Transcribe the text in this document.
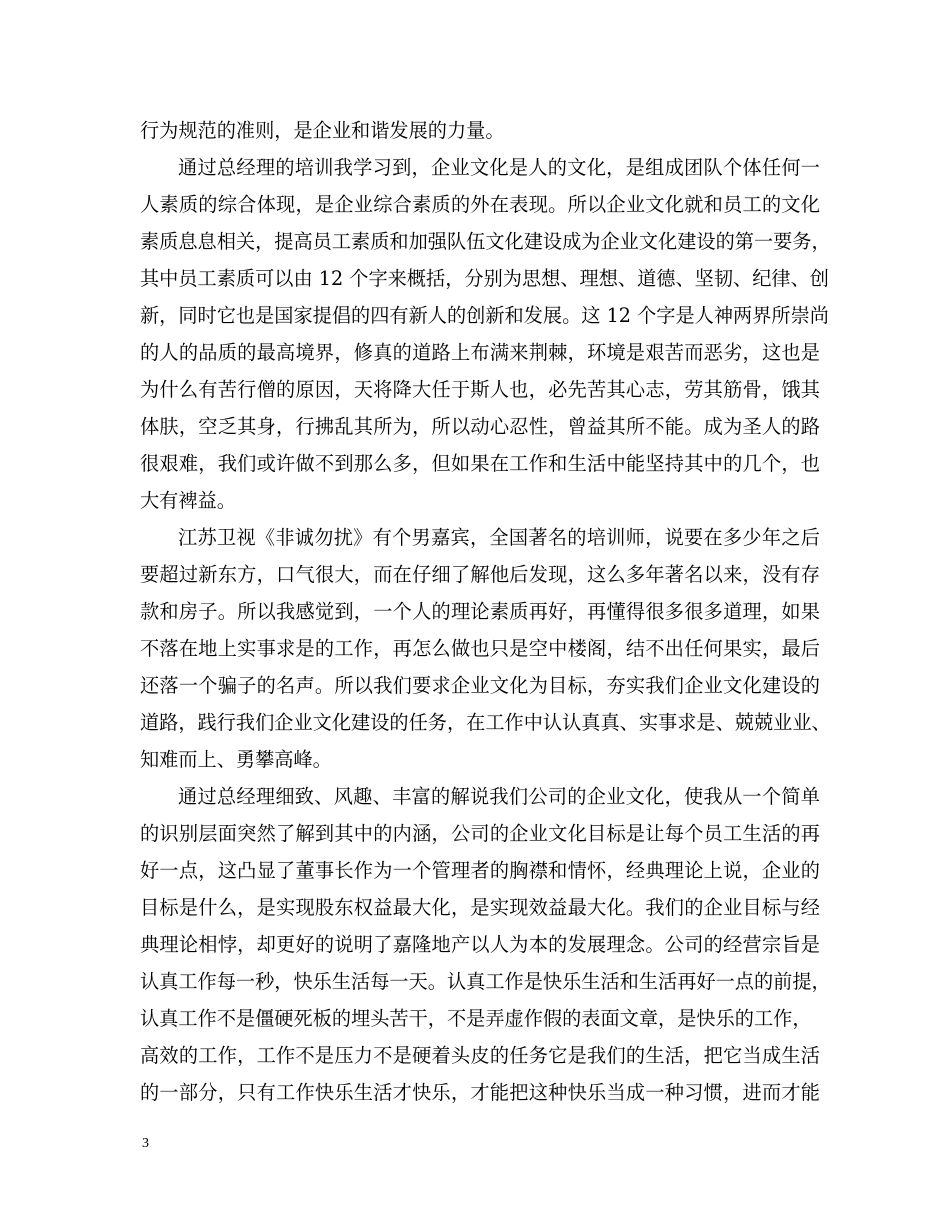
行为规范的准则，是企业和谐发展的力量。
通过总经理的培训我学习到，企业文化是人的文化，是组成团队个体任何一
人素质的综合体现，是企业综合素质的外在表现。所以企业文化就和员工的文化
素质息息相关，提高员工素质和加强队伍文化建设成为企业文化建设的第一要务，
其中员工素质可以由 12 个字来概括，分别为思想、理想、道德、坚韧、纪律、创
新，同时它也是国家提倡的四有新人的创新和发展。这 12 个字是人神两界所崇尚
的人的品质的最高境界，修真的道路上布满来荆棘，环境是艰苦而恶劣，这也是
为什么有苦行僧的原因，天将降大任于斯人也，必先苦其心志，劳其筋骨，饿其
体肤，空乏其身，行拂乱其所为，所以动心忍性，曾益其所不能。成为圣人的路
很艰难，我们或许做不到那么多，但如果在工作和生活中能坚持其中的几个，也
大有裨益。
江苏卫视《非诚勿扰》有个男嘉宾，全国著名的培训师，说要在多少年之后
要超过新东方，口气很大，而在仔细了解他后发现，这么多年著名以来，没有存
款和房子。所以我感觉到，一个人的理论素质再好，再懂得很多很多道理，如果
不落在地上实事求是的工作，再怎么做也只是空中楼阁，结不出任何果实，最后
还落一个骗子的名声。所以我们要求企业文化为目标，夯实我们企业文化建设的
道路，践行我们企业文化建设的任务，在工作中认认真真、实事求是、兢兢业业、
知难而上、勇攀高峰。
通过总经理细致、风趣、丰富的解说我们公司的企业文化，使我从一个简单
的识别层面突然了解到其中的内涵，公司的企业文化目标是让每个员工生活的再
好一点，这凸显了董事长作为一个管理者的胸襟和情怀，经典理论上说，企业的
目标是什么，是实现股东权益最大化，是实现效益最大化。我们的企业目标与经
典理论相悖，却更好的说明了嘉隆地产以人为本的发展理念。公司的经营宗旨是
认真工作每一秒，快乐生活每一天。认真工作是快乐生活和生活再好一点的前提，
认真工作不是僵硬死板的埋头苦干，不是弄虚作假的表面文章，是快乐的工作，
高效的工作，工作不是压力不是硬着头皮的任务它是我们的生活，把它当成生活
的一部分，只有工作快乐生活才快乐，才能把这种快乐当成一种习惯，进而才能
3
